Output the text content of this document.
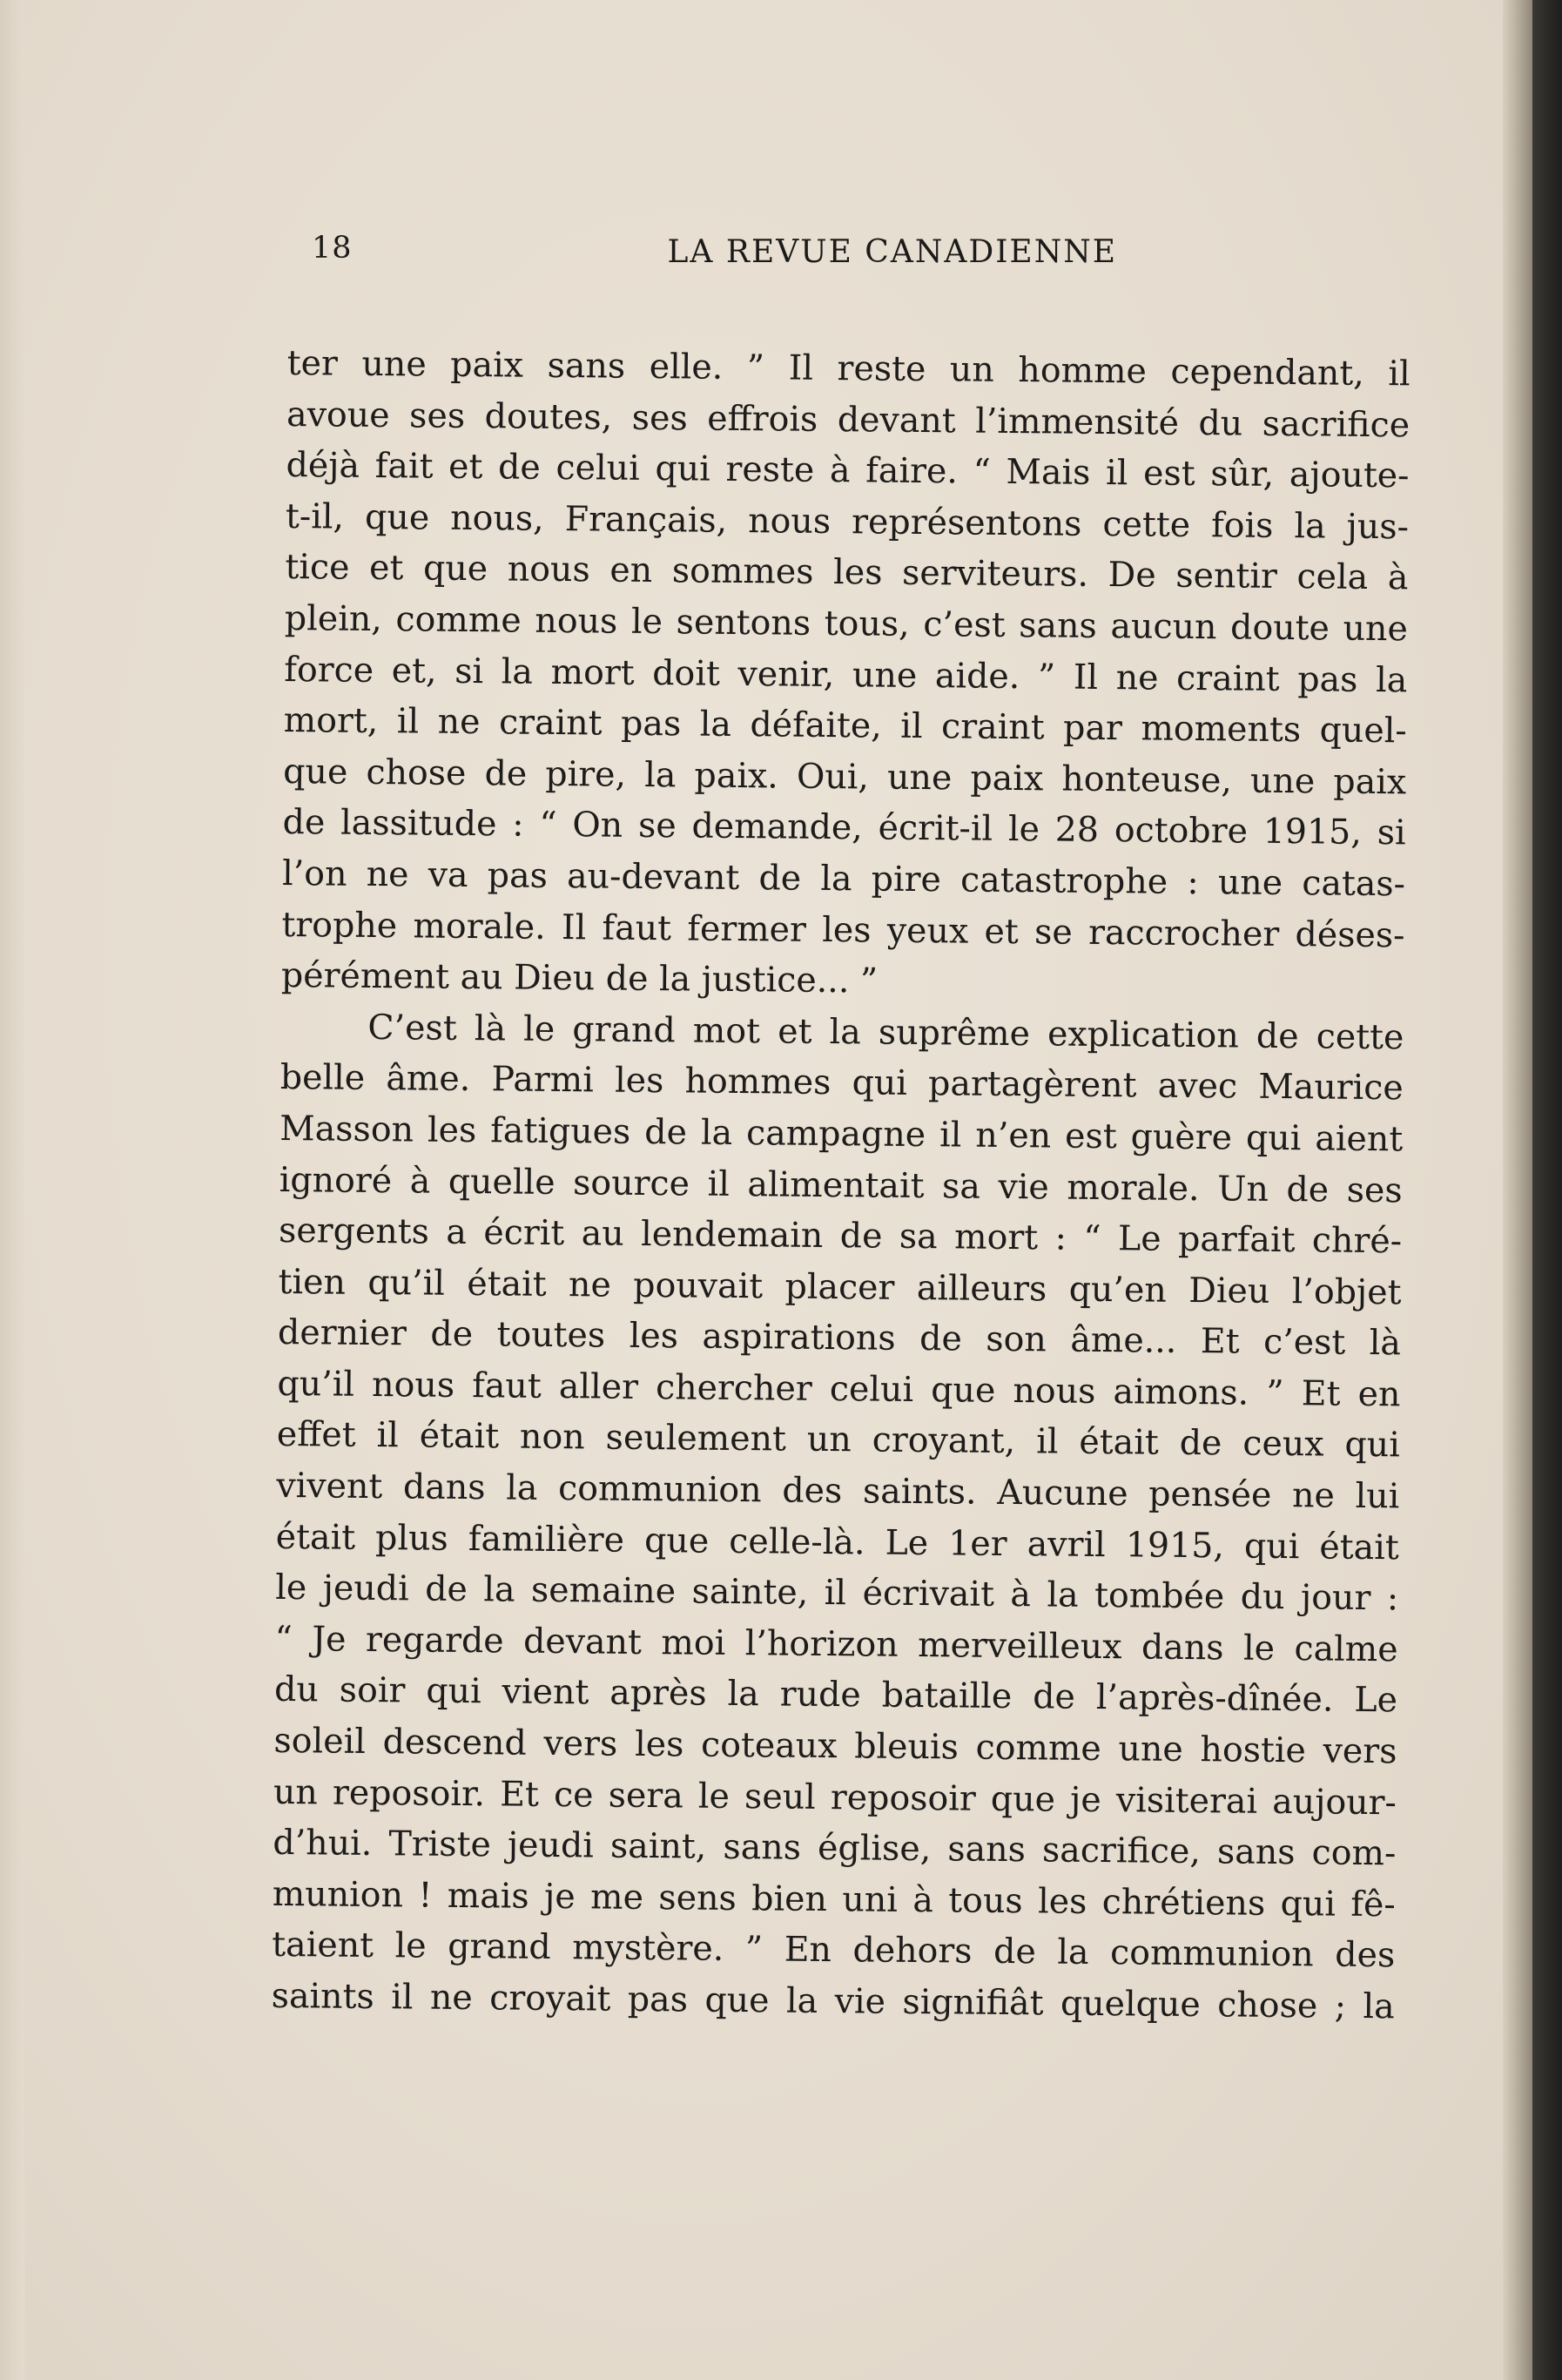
18	LA REVUE CANADIENNE
ter une paix sans elle. ” Il reste un homme cependant, il
avoue ses doutes, ses effrois devant l’immensité du sacrifice
déjà fait et de celui qui reste à faire. “ Mais il est sûr, ajoute-
t-il, que nous, Français, nous représentons cette fois la jus-
tice et que nous en sommes les serviteurs. De sentir cela à
plein, comme nous le sentons tous, c’est sans aucun doute une
force et, si la mort doit venir, une aide. ” Il ne craint pas la
mort, il ne craint pas la défaite, il craint par moments quel-
que chose de pire, la paix. Oui, une paix honteuse, une paix
de lassitude : “ On se demande, écrit-il le 28 octobre 1915, si
l’on ne va pas au-devant de la pire catastrophe : une catas-
trophe morale. Il faut fermer les yeux et se raccrocher déses-
pérément au Dieu de la justice... ”
C’est là le grand mot et la suprême explication de cette
belle âme. Parmi les hommes qui partagèrent avec Maurice
Masson les fatigues de la campagne il n’en est guère qui aient
ignoré à quelle source il alimentait sa vie morale. Un de ses
sergents a écrit au lendemain de sa mort : “ Le parfait chré-
tien qu’il était ne pouvait placer ailleurs qu’en Dieu l’objet
dernier de toutes les aspirations de son âme... Et c’est là
qu’il nous faut aller chercher celui que nous aimons. ” Et en
effet il était non seulement un croyant, il était de ceux qui
vivent dans la communion des saints. Aucune pensée ne lui
était plus familière que celle-là. Le 1er avril 1915, qui était
le jeudi de la semaine sainte, il écrivait à la tombée du jour :
“ Je regarde devant moi l’horizon merveilleux dans le calme
du soir qui vient après la rude bataille de l’après-dînée. Le
soleil descend vers les coteaux bleuis comme une hostie vers
un reposoir. Et ce sera le seul reposoir que je visiterai aujour-
d’hui. Triste jeudi saint, sans église, sans sacrifice, sans com-
munion ! mais je me sens bien uni à tous les chrétiens qui fê-
taient le grand mystère. ” En dehors de la communion des
saints il ne croyait pas que la vie signifiât quelque chose ; la
